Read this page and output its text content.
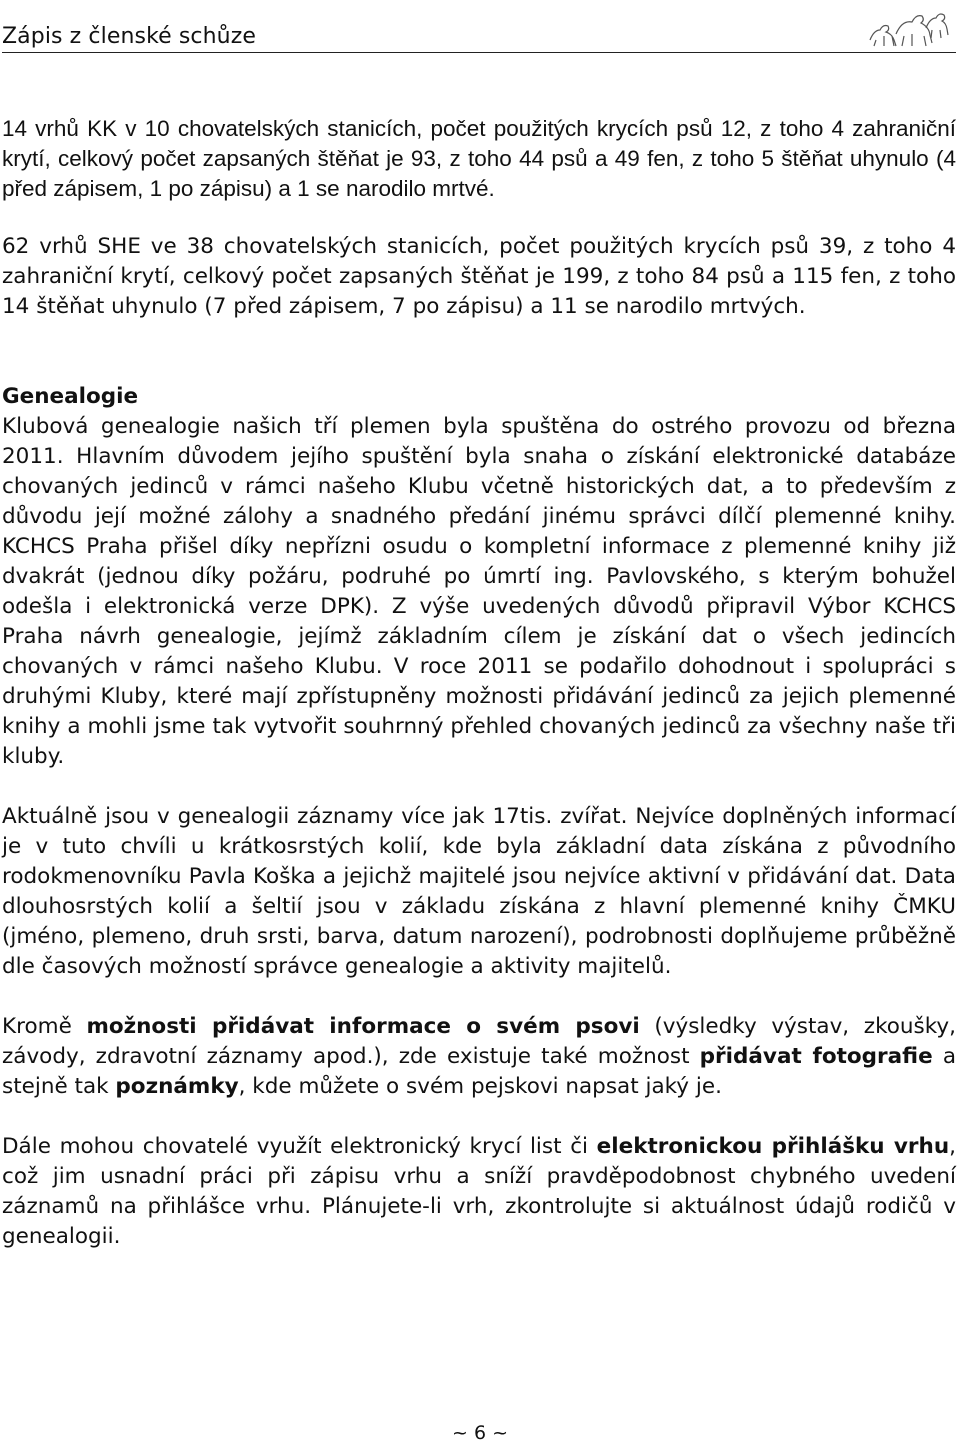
Zápis z členské schůze

14 vrhů KK v 10 chovatelských stanicích, počet použitých krycích psů 12, z toho 4 zahraniční krytí, celkový počet zapsaných štěňat je 93, z toho 44 psů a 49 fen, z toho 5 štěňat uhynulo (4 před zápisem, 1 po zápisu) a 1 se narodilo mrtvé.

62 vrhů SHE ve 38 chovatelských stanicích, počet použitých krycích psů 39, z toho 4 zahraniční krytí, celkový počet zapsaných štěňat je 199, z toho 84 psů a 115 fen, z toho 14 štěňat uhynulo (7 před zápisem, 7 po zápisu) a 11 se narodilo mrtvých.

Genealogie

Klubová genealogie našich tří plemen byla spuštěna do ostrého provozu od března 2011. Hlavním důvodem jejího spuštění byla snaha o získání elektronické databáze chovaných jedinců v rámci našeho Klubu včetně historických dat, a to především z důvodu její možné zálohy a snadného předání jinému správci dílčí plemenné knihy. KCHCS Praha přišel díky nepřízni osudu o kompletní informace z plemenné knihy již dvakrát (jednou díky požáru, podruhé po úmrtí ing. Pavlovského, s kterým bohužel odešla i elektronická verze DPK). Z výše uvedených důvodů připravil Výbor KCHCS Praha návrh genealogie, jejímž základním cílem je získání dat o všech jedincích chovaných v rámci našeho Klubu. V roce 2011 se podařilo dohodnout i spolupráci s druhými Kluby, které mají zpřístupněny možnosti přidávání jedinců za jejich plemenné knihy a mohli jsme tak vytvořit souhrnný přehled chovaných jedinců za všechny naše tři kluby.

Aktuálně jsou v genealogii záznamy více jak 17tis. zvířat. Nejvíce doplněných informací je v tuto chvíli u krátkosrstých kolií, kde byla základní data získána z původního rodokmenovníku Pavla Koška a jejichž majitelé jsou nejvíce aktivní v přidávání dat. Data dlouhosrstých kolií a šeltií jsou v základu získána z hlavní plemenné knihy ČMKU (jméno, plemeno, druh srsti, barva, datum narození), podrobnosti doplňujeme průběžně dle časových možností správce genealogie a aktivity majitelů.

Kromě možnosti přidávat informace o svém psovi (výsledky výstav, zkoušky, závody, zdravotní záznamy apod.), zde existuje také možnost přidávat fotografie a stejně tak poznámky, kde můžete o svém pejskovi napsat jaký je.

Dále mohou chovatelé využít elektronický krycí list či elektronickou přihlášku vrhu, což jim usnadní práci při zápisu vrhu a sníží pravděpodobnost chybného uvedení záznamů na přihlášce vrhu. Plánujete-li vrh, zkontrolujte si aktuálnost údajů rodičů v genealogii.

~ 6 ~
